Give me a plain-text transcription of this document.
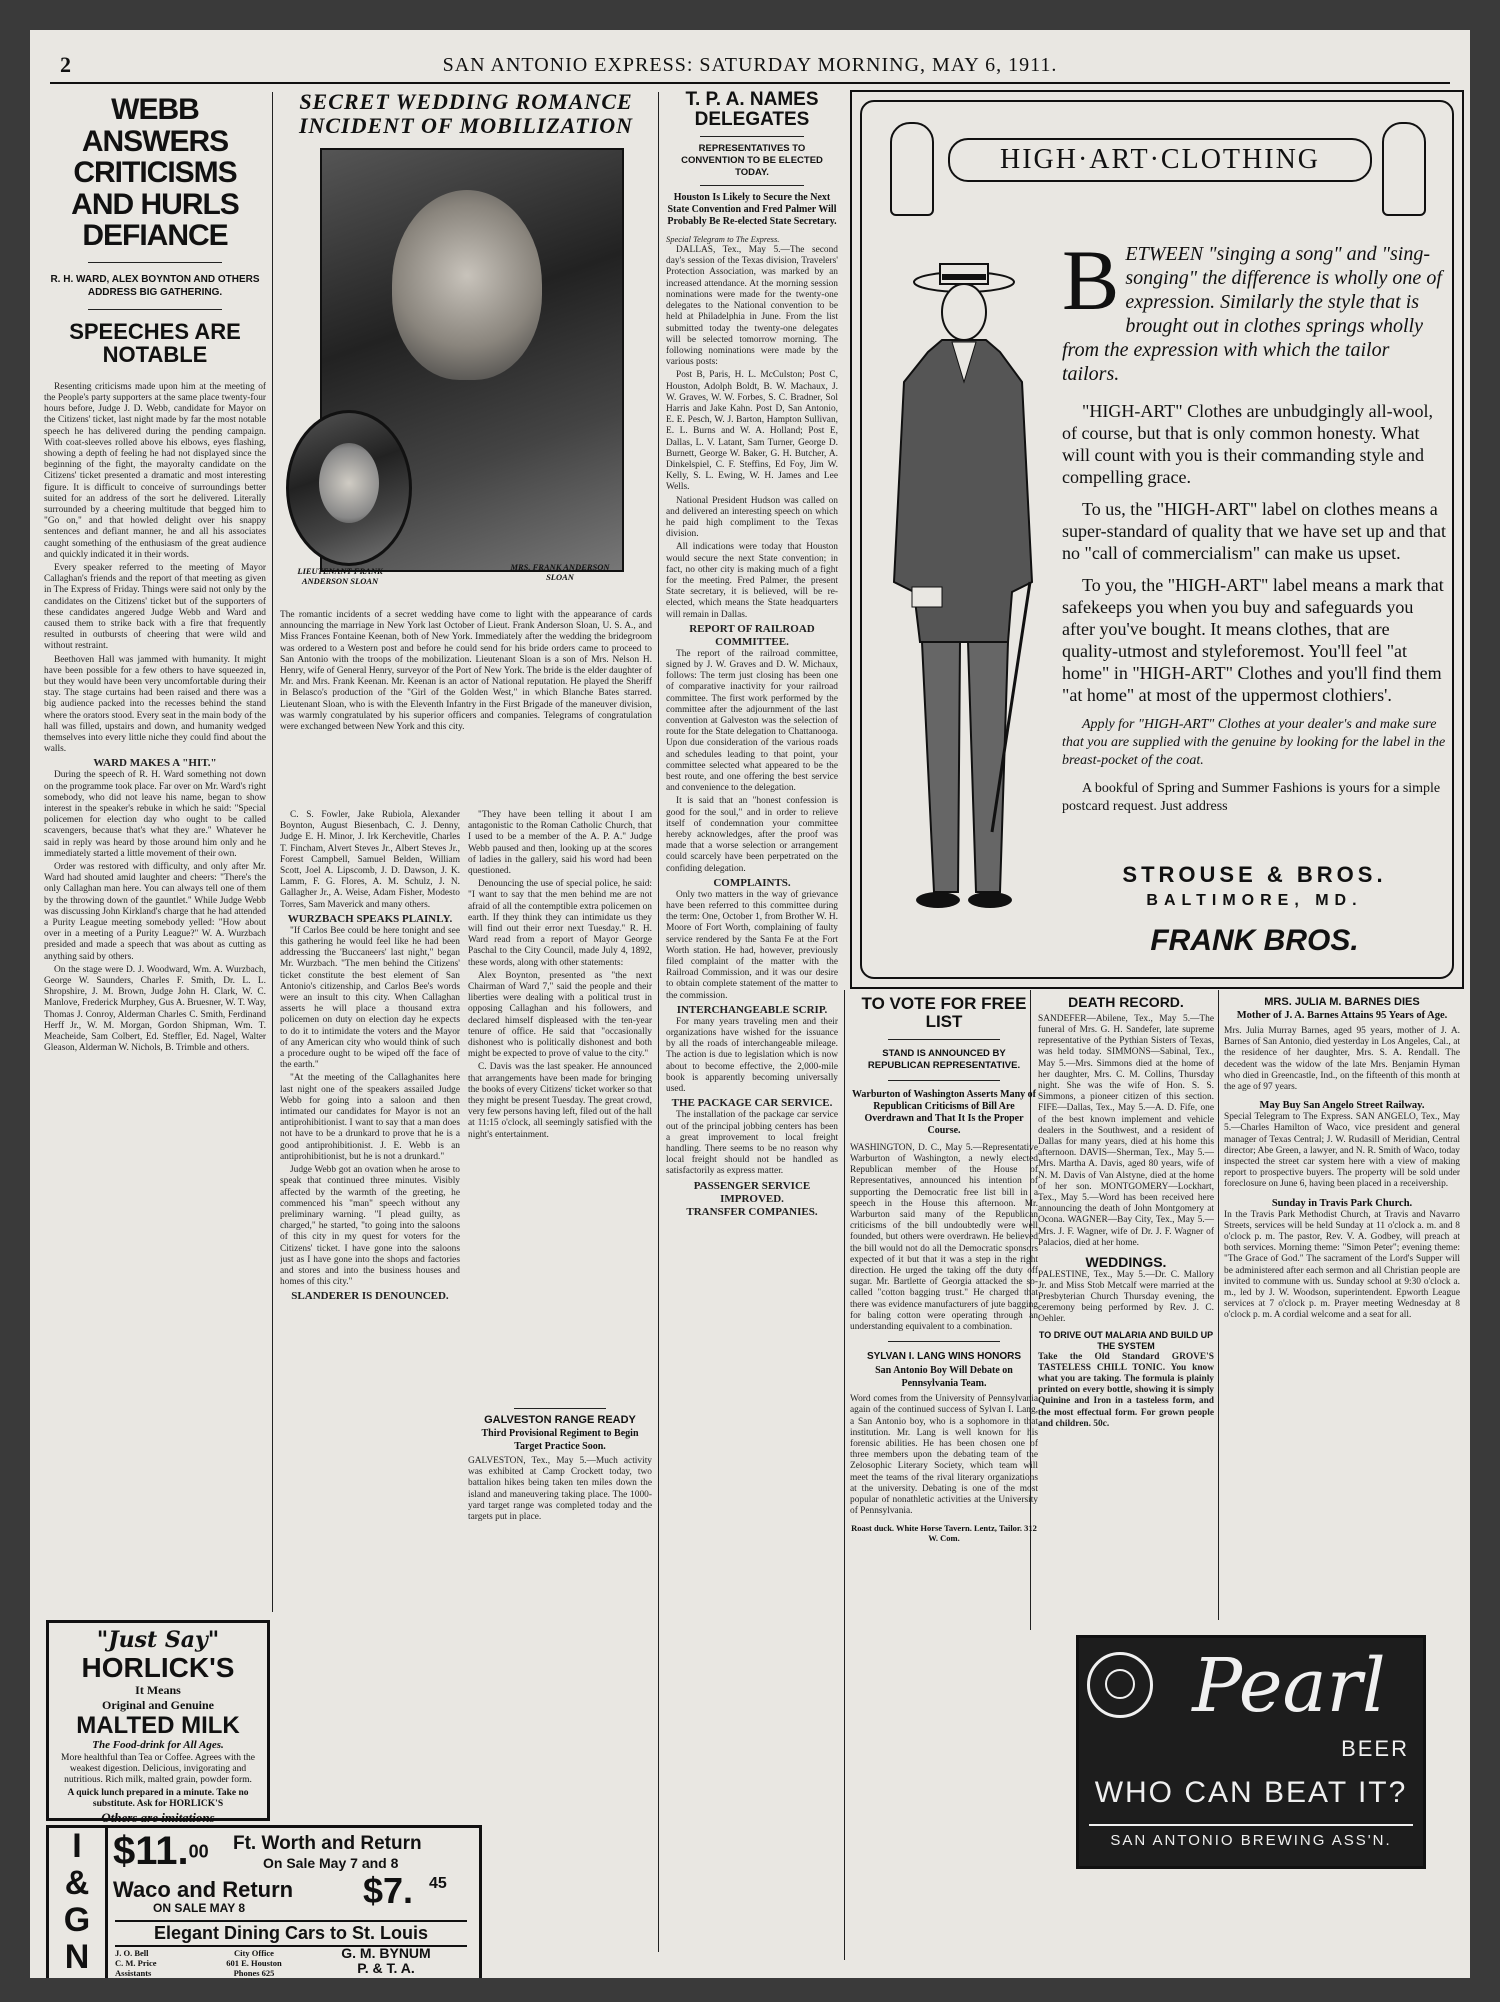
2	SAN ANTONIO EXPRESS: SATURDAY MORNING, MAY 6, 1911.
WEBB ANSWERS CRITICISMS AND HURLS DEFIANCE
R. H. WARD, ALEX BOYNTON AND OTHERS ADDRESS BIG GATHERING.
SPEECHES ARE NOTABLE

Resenting criticisms made upon him at the meeting of the People's party supporters at the same place twenty-four hours before, Judge J. D. Webb, candidate for Mayor on the Citizens' ticket, last night made by far the most notable speech he has delivered during the pending campaign. With coat-sleeves rolled above his elbows, eyes flashing, showing a depth of feeling he had not displayed since the beginning of the fight, the mayoralty candidate on the Citizens' ticket presented a dramatic and most interesting figure. It is difficult to conceive of surroundings better suited for an address of the sort he delivered. Literally surrounded by a cheering multitude that begged him to "Go on," and that howled delight over his snappy sentences and defiant manner, he and all his associates caught something of the enthusiasm of the great audience and quickly indicated it in their words.

Every speaker referred to the meeting of Mayor Callaghan's friends and the report of that meeting as given in The Express of Friday. Things were said not only by the candidates on the Citizens' ticket but of the supporters of these candidates angered Judge Webb and Ward and caused them to strike back with a fire that frequently resulted in outbursts of cheering that were wild and without restraint.

Beethoven Hall was jammed with humanity. It might have been possible for a few others to have squeezed in, but they would have been very uncomfortable during their stay. The stage curtains had been raised and there was a big audience packed into the recesses behind the stand where the orators stood. Every seat in the main body of the hall was filled, upstairs and down, and humanity wedged themselves into every little niche they could find about the walls.

WARD MAKES A "HIT."

During the speech of R. H. Ward something not down on the programme took place. Far over on Mr. Ward's right somebody, who did not leave his name, began to show interest in the speaker's rebuke in which he said: "Special policemen for election day who ought to be called scavengers, because that's what they are." Whatever he said in reply was heard by those around him only and he immediately started a little movement of their own.

Order was restored with difficulty, and only after Mr. Ward had shouted amid laughter and cheers: "There's the only Callaghan man here. You can always tell one of them by the throwing down of the gauntlet." While Judge Webb was discussing John Kirkland's charge that he had attended a Purity League meeting somebody yelled: "How about over in a meeting of a Purity League?" W. A. Wurzbach presided and made a speech that was about as cutting as anything said by others.

On the stage were D. J. Woodward, Wm. A. Wurzbach, George W. Saunders, Charles F. Smith, Dr. L. L. Shropshire, J. M. Brown, Judge John H. Clark, W. C. Manlove, Frederick Murphey, Gus A. Bruesner, W. T. Way, Thomas J. Conroy, Alderman Charles C. Smith, Ferdinand Herff Jr., W. M. Morgan, Gordon Shipman, Wm. T. Meacheide, Sam Colbert, Ed. Steffler, Ed. Nagel, Walter Gleason, Alderman W. Nichols, B. Trimble and others.

"Just Say"
HORLICK'S
It Means
Original and Genuine
MALTED MILK
The Food-drink for All Ages.
More healthful than Tea or Coffee. Agrees with the weakest digestion. Delicious, invigorating and nutritious. Rich milk, malted grain, powder form.
A quick lunch prepared in a minute. Take no substitute. Ask for HORLICK'S
Others are imitations
I
&
G
N
$11.00 Ft. Worth and Return
On Sale May 7 and 8
Waco and Return
ON SALE MAY 8	$7. 45
Elegant Dining Cars to St. Louis
J. O. Bell
C. M. Price
Assistants
City Office
601 E. Houston
Phones 625
G. M. BYNUM
P. & T. A.
SECRET WEDDING ROMANCE INCIDENT OF MOBILIZATION
MRS. FRANK ANDERSON SLOAN
LIEUTENANT FRANK ANDERSON SLOAN
The romantic incidents of a secret wedding have come to light with the appearance of cards announcing the marriage in New York last October of Lieut. Frank Anderson Sloan, U. S. A., and Miss Frances Fontaine Keenan, both of New York. Immediately after the wedding the bridegroom was ordered to a Western post and before he could send for his bride orders came to proceed to San Antonio with the troops of the mobilization. Lieutenant Sloan is a son of Mrs. Nelson H. Henry, wife of General Henry, surveyor of the Port of New York. The bride is the elder daughter of Mr. and Mrs. Frank Keenan. Mr. Keenan is an actor of National reputation. He played the Sheriff in Belasco's production of the "Girl of the Golden West," in which Blanche Bates starred. Lieutenant Sloan, who is with the Eleventh Infantry in the First Brigade of the maneuver division, was warmly congratulated by his superior officers and companies. Telegrams of congratulation were exchanged between New York and this city.

C. S. Fowler, Jake Rubiola, Alexander Boynton, August Biesenbach, C. J. Denny, Judge E. H. Minor, J. Irk Kerchevitle, Charles T. Fincham, Alvert Steves Jr., Albert Steves Jr., Forest Campbell, Samuel Belden, William Scott, Joel A. Lipscomb, J. D. Dawson, J. K. Lamm, F. G. Flores, A. M. Schulz, J. N. Gallagher Jr., A. Weise, Adam Fisher, Modesto Torres, Sam Maverick and many others.

WURZBACH SPEAKS PLAINLY.

"If Carlos Bee could be here tonight and see this gathering he would feel like he had been addressing the 'Buccaneers' last night," began Mr. Wurzbach. "The men behind the Citizens' ticket constitute the best element of San Antonio's citizenship, and Carlos Bee's words were an insult to this city. When Callaghan asserts he will place a thousand extra policemen on duty on election day he expects to do it to intimidate the voters and the Mayor of any American city who would think of such a procedure ought to be wiped off the face of the earth."

"At the meeting of the Callaghanites here last night one of the speakers assailed Judge Webb for going into a saloon and then intimated our candidates for Mayor is not an antiprohibitionist. I want to say that a man does not have to be a drunkard to prove that he is a good antiprohibitionist. J. E. Webb is an antiprohibitionist, but he is not a drunkard."

Judge Webb got an ovation when he arose to speak that continued three minutes. Visibly affected by the warmth of the greeting, he commenced his "man" speech without any preliminary warning. "I plead guilty, as charged," he started, "to going into the saloons of this city in my quest for voters for the Citizens' ticket. I have gone into the saloons just as I have gone into the shops and factories and stores and into the business houses and homes of this city."

SLANDERER IS DENOUNCED.

"They have been telling it about I am antagonistic to the Roman Catholic Church, that I used to be a member of the A. P. A." Judge Webb paused and then, looking up at the scores of ladies in the gallery, said his word had been questioned.

Denouncing the use of special police, he said: "I want to say that the men behind me are not afraid of all the contemptible extra policemen on earth. If they think they can intimidate us they will find out their error next Tuesday." R. H. Ward read from a report of Mayor George Paschal to the City Council, made July 4, 1892, these words, along with other statements:

Alex Boynton, presented as "the next Chairman of Ward 7," said the people and their liberties were dealing with a political trust in opposing Callaghan and his followers, and declared himself displeased with the ten-year tenure of office. He said that "occasionally dishonest who is politically dishonest and both might be expected to prove of value to the city."

C. Davis was the last speaker. He announced that arrangements have been made for bringing the books of every Citizens' ticket worker so that they might be present Tuesday. The great crowd, very few persons having left, filed out of the hall at 11:15 o'clock, all seemingly satisfied with the night's entertainment.

GALVESTON RANGE READY
Third Provisional Regiment to Begin Target Practice Soon.
GALVESTON, Tex., May 5.—Much activity was exhibited at Camp Crockett today, two battalion hikes being taken ten miles down the island and maneuvering taking place. The 1000-yard target range was completed today and the targets put in place.
T. P. A. NAMES DELEGATES
REPRESENTATIVES TO CONVENTION TO BE ELECTED TODAY.
Houston Is Likely to Secure the Next State Convention and Fred Palmer Will Probably Be Re-elected State Secretary.
Special Telegram to The Express.

DALLAS, Tex., May 5.—The second day's session of the Texas division, Travelers' Protection Association, was marked by an increased attendance. At the morning session nominations were made for the twenty-one delegates to the National convention to be held at Philadelphia in June. From the list submitted today the twenty-one delegates will be selected tomorrow morning. The following nominations were made by the various posts:

Post B, Paris, H. L. McCulston; Post C, Houston, Adolph Boldt, B. W. Machaux, J. W. Graves, W. W. Forbes, S. C. Bradner, Sol Harris and Jake Kahn. Post D, San Antonio, E. E. Pesch, W. J. Barton, Hampton Sullivan, E. L. Burns and W. A. Holland; Post E, Dallas, L. V. Latant, Sam Turner, George D. Burnett, George W. Baker, G. H. Butcher, A. Dinkelspiel, C. F. Steffins, Ed Foy, Jim W. Kelly, S. L. Ewing, W. H. James and Lee Wells.

National President Hudson was called on and delivered an interesting speech on which he paid high compliment to the Texas division.

All indications were today that Houston would secure the next State convention; in fact, no other city is making much of a fight for the meeting. Fred Palmer, the present State secretary, it is believed, will be re-elected, which means the State headquarters will remain in Dallas.

REPORT OF RAILROAD COMMITTEE.

The report of the railroad committee, signed by J. W. Graves and D. W. Michaux, follows: The term just closing has been one of comparative inactivity for your railroad committee. The first work performed by the committee after the adjournment of the last convention at Galveston was the selection of route for the State delegation to Chattanooga. Upon due consideration of the various roads and schedules leading to that point, your committee selected what appeared to be the best route, and one offering the best service and convenience to the delegation.

It is said that an "honest confession is good for the soul," and in order to relieve itself of condemnation your committee hereby acknowledges, after the proof was made that a worse selection or arrangement could scarcely have been perpetrated on the confiding delegation.

COMPLAINTS.

Only two matters in the way of grievance have been referred to this committee during the term: One, October 1, from Brother W. H. Moore of Fort Worth, complaining of faulty service rendered by the Santa Fe at the Fort Worth station. He had, however, previously filed complaint of the matter with the Railroad Commission, and it was our desire to obtain complete statement of the matter to the commission.

INTERCHANGEABLE SCRIP.

For many years traveling men and their organizations have wished for the issuance by all the roads of interchangeable mileage. The action is due to legislation which is now about to become effective, the 2,000-mile book is apparently becoming universally used.

THE PACKAGE CAR SERVICE.

The installation of the package car service out of the principal jobbing centers has been a great improvement to local freight handling. There seems to be no reason why local freight should not be handled as satisfactorily as express matter.

PASSENGER SERVICE IMPROVED.
TRANSFER COMPANIES.
HIGH·ART·CLOTHING
B ETWEEN "singing a song" and "sing-songing" the difference is wholly one of expression. Similarly the style that is brought out in clothes springs wholly from the expression with which the tailor tailors.

"HIGH-ART" Clothes are unbudgingly all-wool, of course, but that is only common honesty. What will count with you is their commanding style and compelling grace.

To us, the "HIGH-ART" label on clothes means a super-standard of quality that we have set up and that no "call of commercialism" can make us upset.

To you, the "HIGH-ART" label means a mark that safekeeps you when you buy and safeguards you after you've bought. It means clothes, that are quality-utmost and styleforemost. You'll feel "at home" in "HIGH-ART" Clothes and you'll find them "at home" at most of the uppermost clothiers'.

Apply for "HIGH-ART" Clothes at your dealer's and make sure that you are supplied with the genuine by looking for the label in the breast-pocket of the coat.

A bookful of Spring and Summer Fashions is yours for a simple postcard request. Just address

STROUSE & BROS.
BALTIMORE, MD.
FRANK BROS.
TO VOTE FOR FREE LIST
STAND IS ANNOUNCED BY REPUBLICAN REPRESENTATIVE.
Warburton of Washington Asserts Many of Republican Criticisms of Bill Are Overdrawn and That It Is the Proper Course.
WASHINGTON, D. C., May 5.—Representative Warburton of Washington, a newly elected Republican member of the House of Representatives, announced his intention of supporting the Democratic free list bill in a speech in the House this afternoon. Mr. Warburton said many of the Republican criticisms of the bill undoubtedly were well founded, but others were overdrawn. He believed the bill would not do all the Democratic sponsors expected of it but that it was a step in the right direction. He urged the taking off the duty off sugar. Mr. Bartlette of Georgia attacked the so-called "cotton bagging trust." He charged that there was evidence manufacturers of jute bagging for baling cotton were operating through an understanding equivalent to a combination.
SYLVAN I. LANG WINS HONORS
San Antonio Boy Will Debate on Pennsylvania Team.
Word comes from the University of Pennsylvania again of the continued success of Sylvan I. Lang, a San Antonio boy, who is a sophomore in that institution. Mr. Lang is well known for his forensic abilities. He has been chosen one of three members upon the debating team of the Zelosophic Literary Society, which team will meet the teams of the rival literary organizations at the university. Debating is one of the most popular of nonathletic activities at the University of Pennsylvania.
Roast duck. White Horse Tavern. Lentz, Tailor. 312 W. Com.
DEATH RECORD.
SANDEFER—Abilene, Tex., May 5.—The funeral of Mrs. G. H. Sandefer, late supreme representative of the Pythian Sisters of Texas, was held today. SIMMONS—Sabinal, Tex., May 5.—Mrs. Simmons died at the home of her daughter, Mrs. C. M. Collins, Thursday night. She was the wife of Hon. S. S. Simmons, a pioneer citizen of this section. FIFE—Dallas, Tex., May 5.—A. D. Fife, one of the best known implement and vehicle dealers in the Southwest, and a resident of Dallas for many years, died at his home this afternoon. DAVIS—Sherman, Tex., May 5.—Mrs. Martha A. Davis, aged 80 years, wife of N. M. Davis of Van Alstyne, died at the home of her son. MONTGOMERY—Lockhart, Tex., May 5.—Word has been received here announcing the death of John Montgomery at Ocona. WAGNER—Bay City, Tex., May 5.—Mrs. J. F. Wagner, wife of Dr. J. F. Wagner of Palacios, died at her home.
WEDDINGS.
PALESTINE, Tex., May 5.—Dr. C. Mallory Jr. and Miss Stob Metcalf were married at the Presbyterian Church Thursday evening, the ceremony being performed by Rev. J. C. Oehler.
TO DRIVE OUT MALARIA AND BUILD UP THE SYSTEM
Take the Old Standard GROVE'S TASTELESS CHILL TONIC. You know what you are taking. The formula is plainly printed on every bottle, showing it is simply Quinine and Iron in a tasteless form, and the most effectual form. For grown people and children. 50c.
MRS. JULIA M. BARNES DIES
Mother of J. A. Barnes Attains 95 Years of Age.
Mrs. Julia Murray Barnes, aged 95 years, mother of J. A. Barnes of San Antonio, died yesterday in Los Angeles, Cal., at the residence of her daughter, Mrs. S. A. Rendall. The decedent was the widow of the late Mrs. Benjamin Hyman who died in Greencastle, Ind., on the fifteenth of this month at the age of 97 years.
May Buy San Angelo Street Railway.
Special Telegram to The Express. SAN ANGELO, Tex., May 5.—Charles Hamilton of Waco, vice president and general manager of Texas Central; J. W. Rudasill of Meridian, Central director; Abe Green, a lawyer, and N. R. Smith of Waco, today inspected the street car system here with a view of making report to prospective buyers. The property will be sold under foreclosure on June 6, having been placed in a receivership.
Sunday in Travis Park Church.
In the Travis Park Methodist Church, at Travis and Navarro Streets, services will be held Sunday at 11 o'clock a. m. and 8 o'clock p. m. The pastor, Rev. V. A. Godbey, will preach at both services. Morning theme: "Simon Peter"; evening theme: "The Grace of God." The sacrament of the Lord's Supper will be administered after each sermon and all Christian people are invited to commune with us. Sunday school at 9:30 o'clock a. m., led by J. W. Woodson, superintendent. Epworth League services at 7 o'clock p. m. Prayer meeting Wednesday at 8 o'clock p. m. A cordial welcome and a seat for all.
Pearl
BEER
WHO CAN BEAT IT?
SAN ANTONIO BREWING ASS'N.
